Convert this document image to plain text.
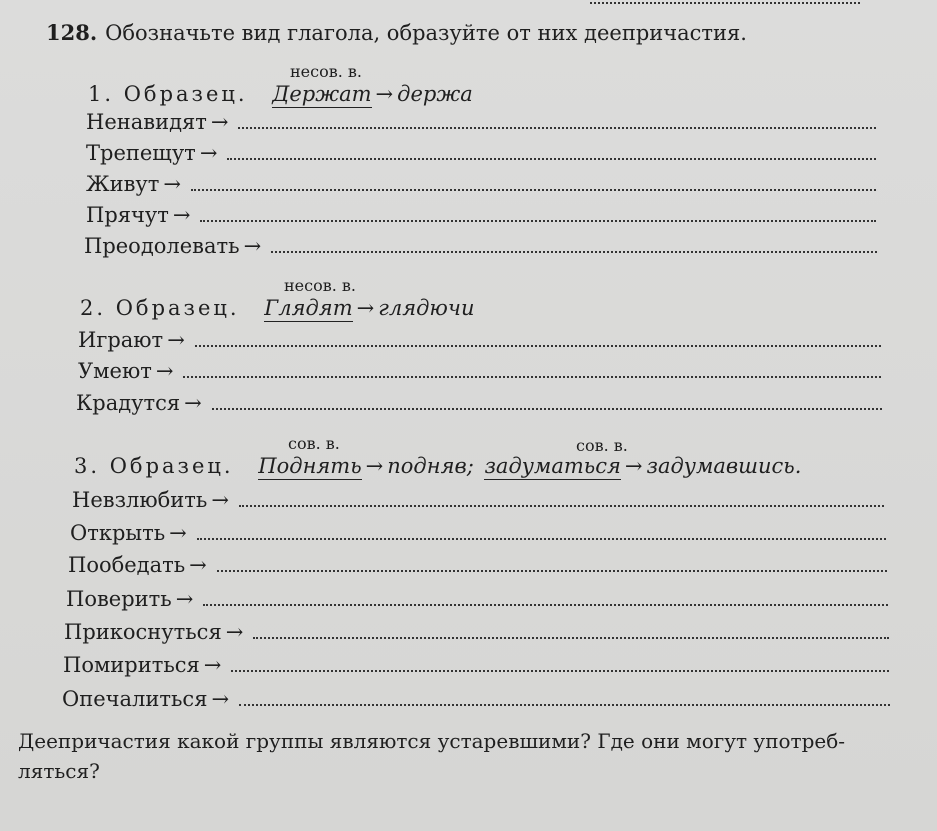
128. Обозначьте вид глагола, образуйте от них деепричастия.
несов. в.
1. Образец. Держат → держа
Ненавидят →
Трепещут →
Живут →
Прячут →
Преодолевать →
несов. в.
2. Образец. Глядят → глядючи
Играют →
Умеют →
Крадутся →
сов. в.	сов. в.
3. Образец. Поднять → подняв; задуматься → задумавшись.
Невзлюбить →
Открыть →
Пообедать →
Поверить →
Прикоснуться →
Помириться →
Опечалиться →
Деепричастия какой группы являются устаревшими? Где они могут употреб-ляться?
